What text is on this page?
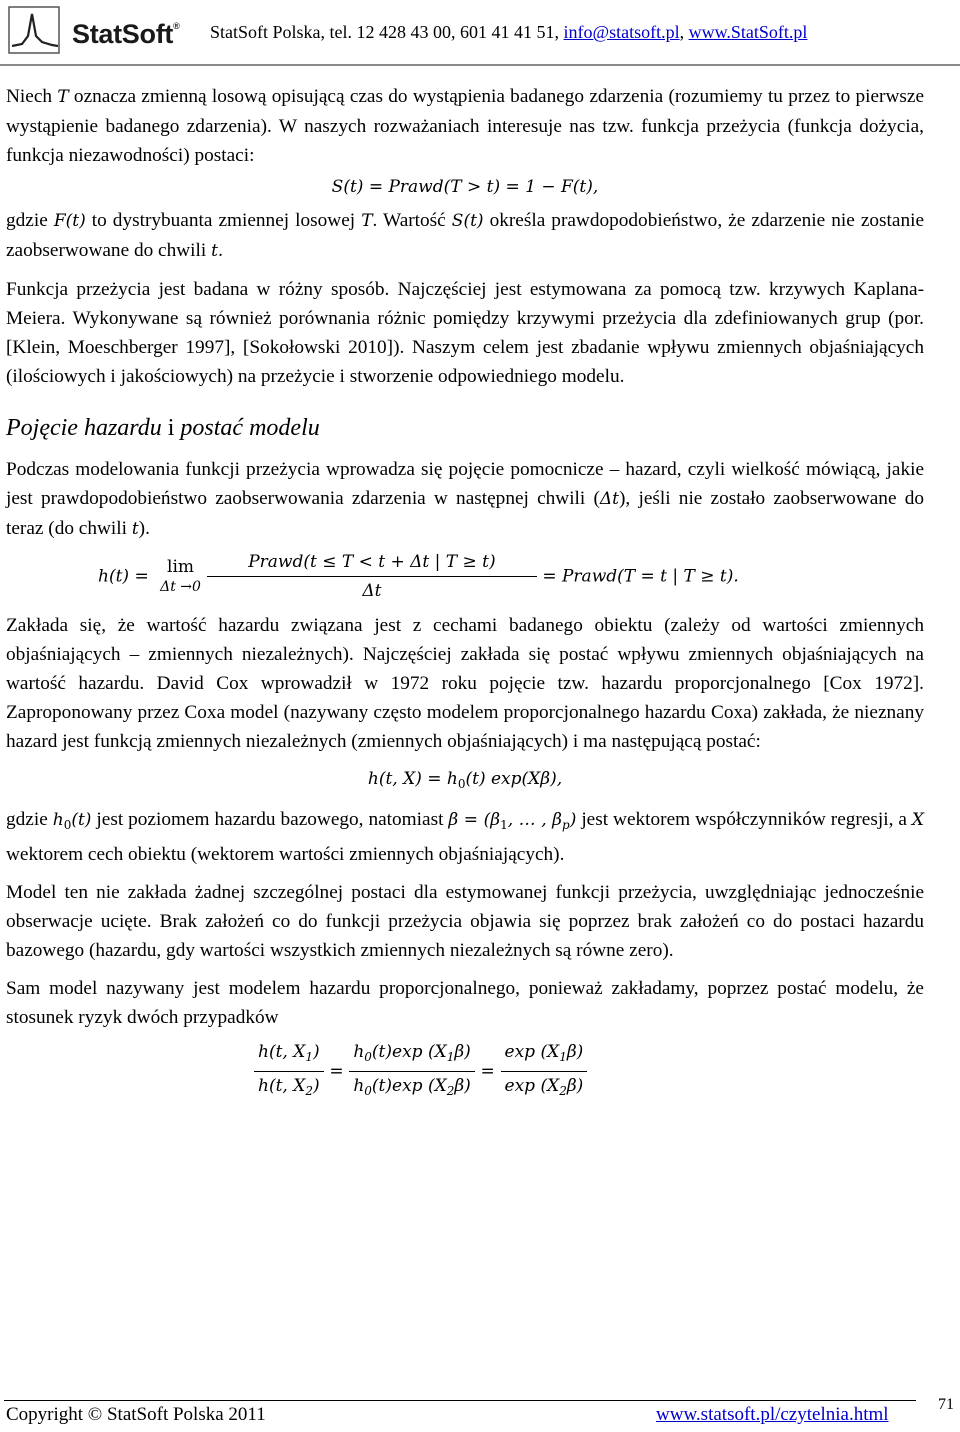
StatSoft® StatSoft Polska, tel. 12 428 43 00, 601 41 41 51, info@statsoft.pl, www.StatSoft.pl

Niech T oznacza zmienną losową opisującą czas do wystąpienia badanego zdarzenia (rozumiemy tu przez to pierwsze wystąpienie badanego zdarzenia). W naszych rozważaniach interesuje nas tzw. funkcja przeżycia (funkcja dożycia, funkcja niezawodności) postaci:

S(t) = Prawd(T > t) = 1 − F(t),

gdzie F(t) to dystrybuanta zmiennej losowej T. Wartość S(t) określa prawdopodobieństwo, że zdarzenie nie zostanie zaobserwowane do chwili t.

Funkcja przeżycia jest badana w różny sposób. Najczęściej jest estymowana za pomocą tzw. krzywych Kaplana-Meiera. Wykonywane są również porównania różnic pomiędzy krzywymi przeżycia dla zdefiniowanych grup (por. [Klein, Moeschberger 1997], [Sokołowski 2010]). Naszym celem jest zbadanie wpływu zmiennych objaśniających (ilościowych i jakościowych) na przeżycie i stworzenie odpowiedniego modelu.

Pojęcie hazardu i postać modelu

Podczas modelowania funkcji przeżycia wprowadza się pojęcie pomocnicze – hazard, czyli wielkość mówiącą, jakie jest prawdopodobieństwo zaobserwowania zdarzenia w następnej chwili (Δt), jeśli nie zostało zaobserwowane do teraz (do chwili t).

h(t) = lim
$\Delta t \to 0 \frac{\text{Prawd(t ≤ T < t + Δt | T ≥ t)}}{\Delta t}$ = Prawd(T = t | T ≥ t).

Zakłada się, że wartość hazardu związana jest z cechami badanego obiektu (zależy od wartości zmiennych objaśniających – zmiennych niezależnych). Najczęściej zakłada się postać wpływu zmiennych objaśniających na wartość hazardu. David Cox wprowadził w 1972 roku pojęcie tzw. hazardu proporcjonalnego [Cox 1972]. Zaproponowany przez Coxa model (nazywany często modelem proporcjonalnego hazardu Coxa) zakłada, że nieznany hazard jest funkcją zmiennych niezależnych (zmiennych objaśniających) i ma następującą postać:

h(t, $X) = h_0(t)$ exp(Xβ),

gdzie $h_0(t)$ jest poziomem hazardu bazowego, natomiast $\beta = (\beta_1$, … , $\beta_p$) jest wektorem współczynników regresji, a X wektorem cech obiektu (wektorem wartości zmiennych objaśniających).

Model ten nie zakłada żadnej szczególnej postaci dla estymowanej funkcji przeżycia, uwzględniając jednocześnie obserwacje ucięte. Brak założeń co do funkcji przeżycia objawia się poprzez brak założeń co do postaci hazardu bazowego (hazardu, gdy wartości wszystkich zmiennych niezależnych są równe zero).

Sam model nazywany jest modelem hazardu proporcjonalnego, ponieważ zakładamy, poprzez postać modelu, że stosunek ryzyk dwóch przypadków

$\frac{h(t, X_1)}{h(t, X_2)} = \frac{h_0(t)\exp (X_1\beta)}{h_0(t)\exp (X_2\beta)} = \frac{\exp (X_1\beta)}{\exp (X_2\beta)}$
Copyright © StatSoft Polska 2011	www.statsoft.pl/czytelnia.html	71
